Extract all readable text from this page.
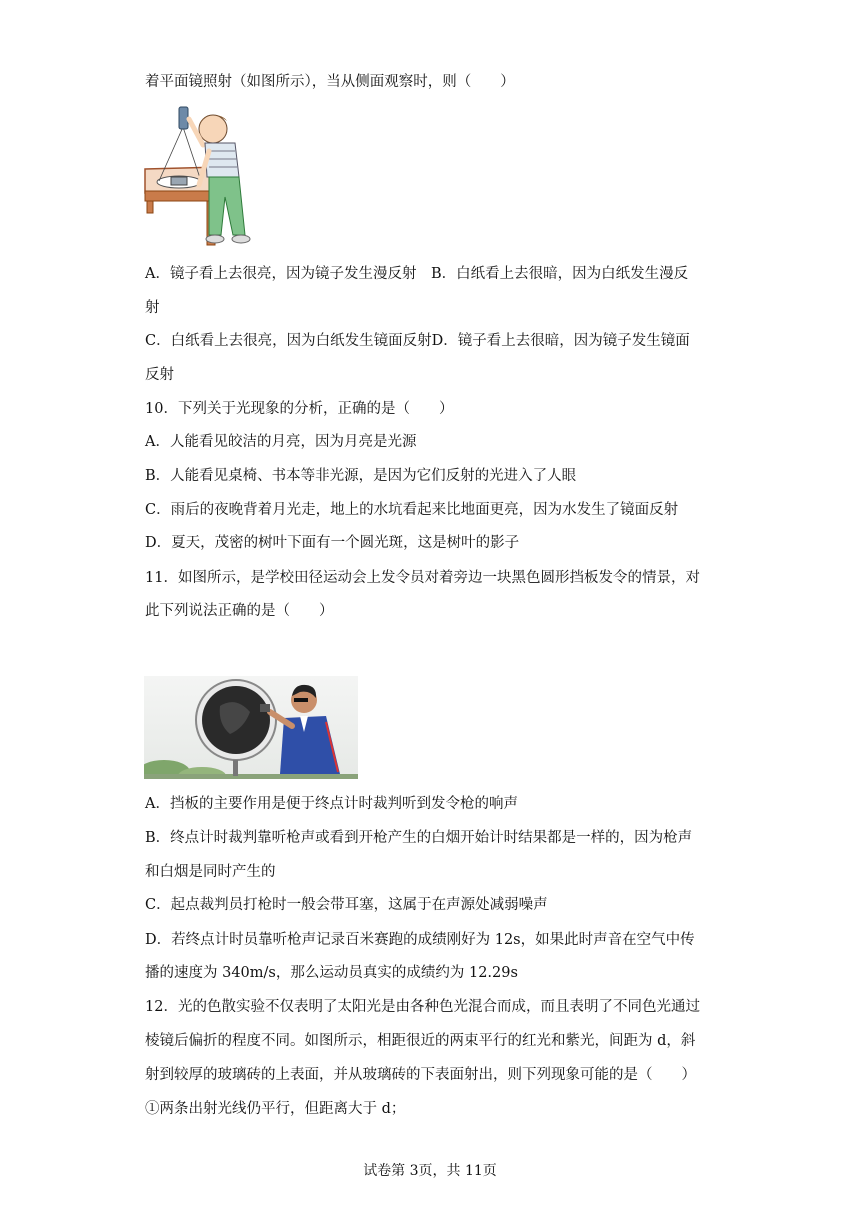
着平面镜照射（如图所示），当从侧面观察时，则（　　）
A．镜子看上去很亮，因为镜子发生漫反射　B．白纸看上去很暗，因为白纸发生漫反
射
C．白纸看上去很亮，因为白纸发生镜面反射D．镜子看上去很暗，因为镜子发生镜面
反射
10．下列关于光现象的分析，正确的是（　　）
A．人能看见皎洁的月亮，因为月亮是光源
B．人能看见桌椅、书本等非光源，是因为它们反射的光进入了人眼
C．雨后的夜晚背着月光走，地上的水坑看起来比地面更亮，因为水发生了镜面反射
D．夏天，茂密的树叶下面有一个圆光斑，这是树叶的影子
11．如图所示，是学校田径运动会上发令员对着旁边一块黑色圆形挡板发令的情景，对
此下列说法正确的是（　　）
A．挡板的主要作用是便于终点计时裁判听到发令枪的响声
B．终点计时裁判靠听枪声或看到开枪产生的白烟开始计时结果都是一样的，因为枪声
和白烟是同时产生的
C．起点裁判员打枪时一般会带耳塞，这属于在声源处减弱噪声
D．若终点计时员靠听枪声记录百米赛跑的成绩刚好为 12s，如果此时声音在空气中传
播的速度为 340m/s，那么运动员真实的成绩约为 12.29s
12．光的色散实验不仅表明了太阳光是由各种色光混合而成，而且表明了不同色光通过
棱镜后偏折的程度不同。如图所示，相距很近的两束平行的红光和紫光，间距为 d，斜
射到较厚的玻璃砖的上表面，并从玻璃砖的下表面射出，则下列现象可能的是（　　）
①两条出射光线仍平行，但距离大于 d；
试卷第 3页，共 11页
